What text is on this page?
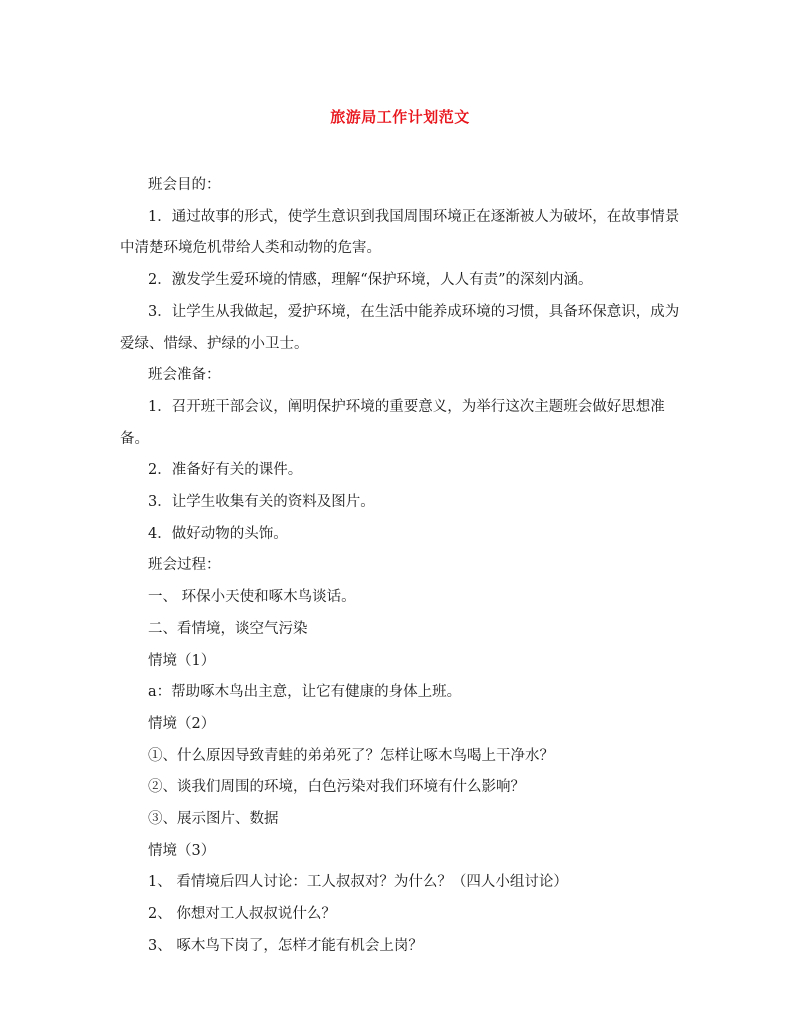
旅游局工作计划范文
班会目的：
1．通过故事的形式，使学生意识到我国周围环境正在逐渐被人为破坏，在故事情景中清楚环境危机带给人类和动物的危害。
2．激发学生爱环境的情感，理解“保护环境，人人有责”的深刻内涵。
3．让学生从我做起，爱护环境，在生活中能养成环境的习惯，具备环保意识，成为爱绿、惜绿、护绿的小卫士。
班会准备：
1．召开班干部会议，阐明保护环境的重要意义，为举行这次主题班会做好思想准备。
2．准备好有关的课件。
3．让学生收集有关的资料及图片。
4．做好动物的头饰。
班会过程：
一、 环保小天使和啄木鸟谈话。
二、看情境，谈空气污染
情境（1）
a：帮助啄木鸟出主意，让它有健康的身体上班。
情境（2）
①、什么原因导致青蛙的弟弟死了？怎样让啄木鸟喝上干净水？
②、谈我们周围的环境，白色污染对我们环境有什么影响？
③、展示图片、数据
情境（3）
1、 看情境后四人讨论：工人叔叔对？为什么？（四人小组讨论）
2、 你想对工人叔叔说什么？
3、 啄木鸟下岗了，怎样才能有机会上岗？
